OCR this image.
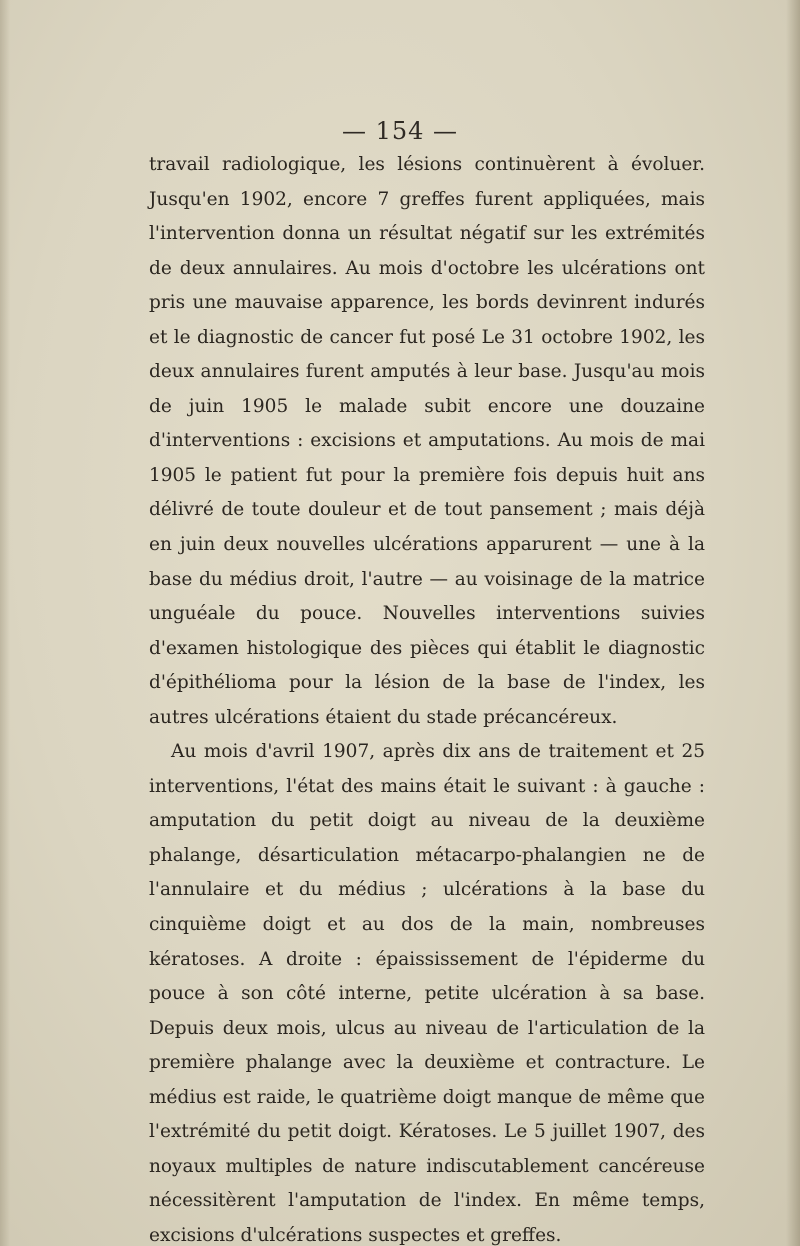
— 154 —

travail radiologique, les lésions continuèrent à évoluer. Jusqu'en 1902, encore 7 greffes furent appliquées, mais l'intervention donna un résultat négatif sur les extrémités de deux annulaires. Au mois d'octobre les ulcérations ont pris une mauvaise apparence, les bords devinrent indurés et le diagnostic de cancer fut posé Le 31 octobre 1902, les deux annulaires furent amputés à leur base. Jusqu'au mois de juin 1905 le malade subit encore une douzaine d'interventions : excisions et amputations. Au mois de mai 1905 le patient fut pour la première fois depuis huit ans délivré de toute douleur et de tout pansement ; mais déjà en juin deux nouvelles ulcérations apparurent — une à la base du médius droit, l'autre — au voisinage de la matrice unguéale du pouce. Nouvelles interventions suivies d'examen histologique des pièces qui établit le diagnostic d'épithélioma pour la lésion de la base de l'index, les autres ulcérations étaient du stade précancéreux.

Au mois d'avril 1907, après dix ans de traitement et 25 interventions, l'état des mains était le suivant : à gauche : amputation du petit doigt au niveau de la deuxième phalange, désarticulation métacarpo-phalangien ne de l'annulaire et du médius ; ulcérations à la base du cinquième doigt et au dos de la main, nombreuses kératoses. A droite : épaississement de l'épiderme du pouce à son côté interne, petite ulcération à sa base. Depuis deux mois, ulcus au niveau de l'articulation de la première phalange avec la deuxième et contracture. Le médius est raide, le quatrième doigt manque de même que l'extrémité du petit doigt. Kératoses. Le 5 juillet 1907, des noyaux multiples de nature indiscutablement cancéreuse nécessitèrent l'amputation de l'index. En même temps, excisions d'ulcérations suspectes et greffes.
